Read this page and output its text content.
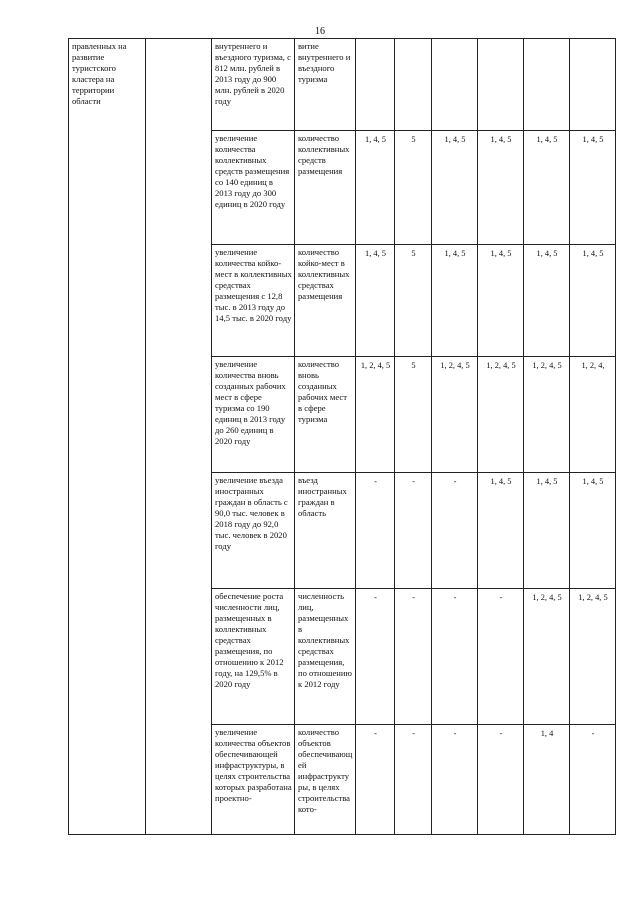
16
правленных на развитие туристского кластера на территории области		внутреннего и въездного туризма, с 812 млн. рублей в 2013 году до 900 млн. рублей в 2020 году	витие внутреннего и въездного туризма						
		увеличение количества коллективных средств размещения со 140 единиц в 2013 году до 300 единиц в 2020 году	количество коллективных средств размещения	1, 4, 5	5	1, 4, 5	1, 4, 5	1, 4, 5	1, 4, 5
		увеличение количества койко-мест в коллективных средствах размещения с 12,8 тыс. в 2013 году до 14,5 тыс. в 2020 году	количество койко-мест в коллективных средствах размещения	1, 4, 5	5	1, 4, 5	1, 4, 5	1, 4, 5	1, 4, 5
		увеличение количества вновь созданных рабочих мест в сфере туризма со 190 единиц в 2013 году до 260 единиц в 2020 году	количество вновь созданных рабочих мест в сфере туризма	1, 2, 4, 5	5	1, 2, 4, 5	1, 2, 4, 5	1, 2, 4, 5	1, 2, 4,
		увеличение въезда иностранных граждан в область с 90,0 тыс. человек в 2018 году до 92,0 тыс. человек в 2020 году	въезд иностранных граждан в область	-	-	-	1, 4, 5	1, 4, 5	1, 4, 5
		обеспечение роста численности лиц, размещенных в коллективных средствах размещения, по отношению к 2012 году, на 129,5% в 2020 году	численность лиц, размещенных в коллективных средствах размещения, по отношению к 2012 году	-	-	-	-	1, 2, 4, 5	1, 2, 4, 5
		увеличение количества объектов обеспечивающей инфраструктуры, в целях строительства которых разработана проектно-	количество объектов обеспечивающей инфраструктуры, в целях строительства кото-	-	-	-	-	1, 4	-
